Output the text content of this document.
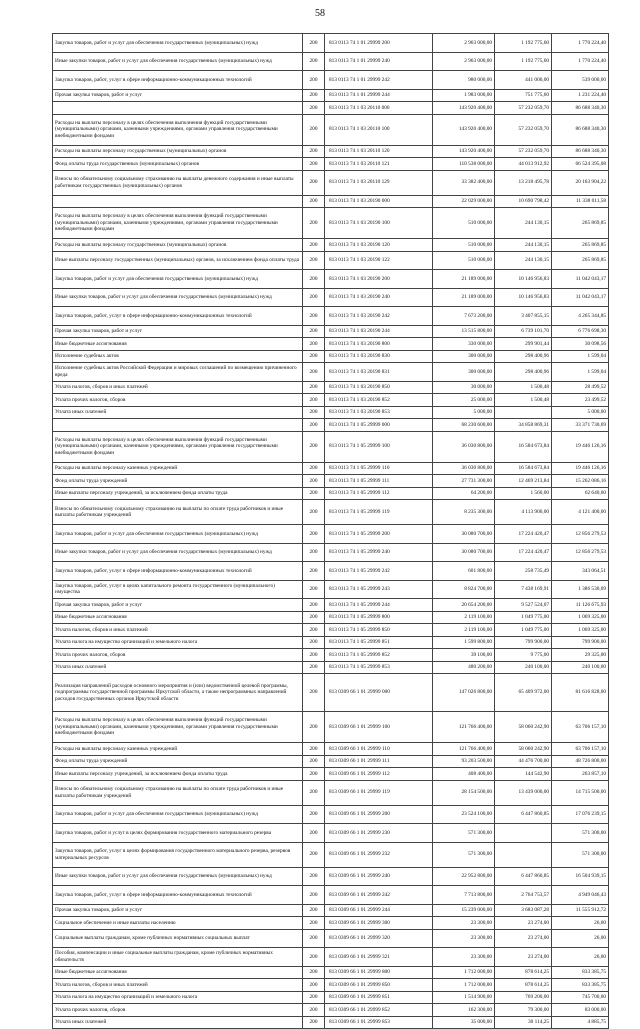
58
Закупка товаров, работ и услуг для обеспечения государственных (муниципальных) нужд	200	813 0113 74 1 01 29999 200	2 963 000,00	1 192 775,60	1 770 224,40
Иные закупки товаров, работ и услуг для обеспечения государственных (муниципальных) нужд	200	813 0113 74 1 01 29999 240	2 963 000,00	1 192 775,60	1 770 224,40
Закупка товаров, работ, услуг в сфере информационно-коммуникационных технологий	200	813 0113 74 1 01 29999 242	980 000,00	441 000,00	539 000,00
Прочая закупка товаров, работ и услуг	200	813 0113 74 1 01 29999 244	1 983 000,00	751 775,60	1 231 224,40
	200	813 0113 74 1 03 20110 000	143 920 400,00	57 232 059,70	86 688 340,30
Расходы на выплаты персоналу в целях обеспечения выполнения функций государственными (муниципальными) органами, казенными учреждениями, органами управления государственными внебюджетными фондами	200	813 0113 74 1 03 20110 100	143 920 400,00	57 232 059,70	86 688 340,30
Расходы на выплаты персоналу государственных (муниципальных) органов	200	813 0113 74 1 03 20110 120	143 920 400,00	57 232 059,70	86 688 340,30
Фонд оплаты труда государственных (муниципальных) органов	200	813 0113 74 1 03 20110 121	110 538 000,00	44 013 912,92	66 524 395,08
Взносы по обязательному социальному страхованию на выплаты денежного содержания и иные выплаты работникам государственных (муниципальных) органов	200	813 0113 74 1 03 20110 129	33 382 400,00	13 218 495,78	20 163 904,22
	200	813 0113 74 1 03 20190 000	22 029 000,00	10 690 798,42	11 338 011,58
Расходы на выплаты персоналу в целях обеспечения выполнения функций государственными (муниципальными) органами, казенными учреждениями, органами управления государственными внебюджетными фондами	200	813 0113 74 1 03 20190 100	510 000,00	244 130,15	265 869,85
Расходы на выплаты персоналу государственных (муниципальных) органов	200	813 0113 74 1 03 20190 120	510 000,00	244 130,15	265 869,85
Иные выплаты персоналу государственных (муниципальных) органов, за исключением фонда оплаты труда	200	813 0113 74 1 03 20190 122	510 000,00	244 130,15	265 869,85
Закупка товаров, работ и услуг для обеспечения государственных (муниципальных) нужд	200	813 0113 74 1 03 20190 200	21 189 000,00	10 146 956,83	11 042 043,17
Иные закупки товаров, работ и услуг для обеспечения государственных (муниципальных) нужд	200	813 0113 74 1 03 20190 240	21 189 000,00	10 146 956,83	11 042 043,17
Закупка товаров, работ, услуг в сфере информационно-коммуникационных технологий	200	813 0113 74 1 03 20190 242	7 673 200,00	3 407 855,15	4 265 344,85
Прочая закупка товаров, работ и услуг	200	813 0113 74 1 03 20190 244	13 515 800,00	6 739 101,70	6 776 698,30
Иные бюджетные ассигнования	200	813 0113 74 1 03 20190 800	330 000,00	299 901,44	30 098,56
Исполнение судебных актов	200	813 0113 74 1 03 20190 830	300 000,00	298 400,96	1 599,04
Исполнение судебных актов Российской Федерации и мировых соглашений по возмещению причиненного вреда	200	813 0113 74 1 03 20190 831	300 000,00	298 400,96	1 599,04
Уплата налогов, сборов и иных платежей	200	813 0113 74 1 03 20190 850	30 000,00	1 500,48	28 499,52
Уплата прочих налогов, сборов	200	813 0113 74 1 03 20190 852	25 000,00	1 500,48	23 499,52
Уплата иных платежей	200	813 0113 74 1 03 20190 853	5 000,00		5 000,00
	200	813 0113 74 1 05 29999 000	68 230 600,00	34 858 869,31	33 371 730,69
Расходы на выплаты персоналу в целях обеспечения выполнения функций государственными (муниципальными) органами, казенными учреждениями, органами управления государственными внебюджетными фондами	200	813 0113 74 1 05 29999 100	36 030 800,00	16 584 673,84	19 446 126,16
Расходы на выплаты персоналу казенных учреждений	200	813 0113 74 1 05 29999 110	36 030 800,00	16 584 673,84	19 446 126,16
Фонд оплаты труда учреждений	200	813 0113 74 1 05 29999 111	27 731 300,00	12 469 213,84	15 262 086,16
Иные выплаты персоналу учреждений, за исключением фонда оплаты труда	200	813 0113 74 1 05 29999 112	64 200,00	1 560,00	62 640,00
Взносы по обязательному социальному страхованию на выплаты по оплате труда работников и иные выплаты работникам учреждений	200	813 0113 74 1 05 29999 119	8 235 300,00	4 113 900,00	4 121 400,00
Закупка товаров, работ и услуг для обеспечения государственных (муниципальных) нужд	200	813 0113 74 1 05 29999 200	30 080 700,00	17 224 420,47	12 856 279,53
Иные закупки товаров, работ и услуг для обеспечения государственных (муниципальных) нужд	200	813 0113 74 1 05 29999 240	30 080 700,00	17 224 420,47	12 856 279,53
Закупка товаров, работ, услуг в сфере информационно-коммуникационных технологий	200	813 0113 74 1 05 29999 242	601 800,00	258 735,49	343 064,51
Закупка товаров, работ, услуг в целях капитального ремонта государственного (муниципального) имущества	200	813 0113 74 1 05 29999 243	8 824 700,00	7 438 169,91	1 386 530,09
Прочая закупка товаров, работ и услуг	200	813 0113 74 1 05 29999 244	20 654 200,00	9 527 524,07	11 126 675,93
Иные бюджетные ассигнования	200	813 0113 74 1 05 29999 800	2 119 100,00	1 049 775,00	1 069 325,00
Уплата налогов, сборов и иных платежей	200	813 0113 74 1 05 29999 850	2 119 100,00	1 049 775,00	1 069 325,00
Уплата налога на имущество организаций и земельного налога	200	813 0113 74 1 05 29999 851	1 599 800,00	799 900,00	799 900,00
Уплата прочих налогов, сборов	200	813 0113 74 1 05 29999 852	39 100,00	9 775,00	29 325,00
Уплата иных платежей	200	813 0113 74 1 05 29999 853	480 200,00	240 100,00	240 100,00
Реализация направлений расходов основного мероприятия и (или) ведомственной целевой программы, подпрограммы государственной программы Иркутской области, а также непрограммных направлений расходов государственных органов Иркутской области	200	813 0309 66 1 01 29999 000	147 026 800,00	65 409 972,00	81 616 828,00
Расходы на выплаты персоналу в целях обеспечения выполнения функций государственными (муниципальными) органами, казенными учреждениями, органами управления государственными внебюджетными фондами	200	813 0309 66 1 01 29999 100	121 766 400,00	58 060 242,90	63 706 157,10
Расходы на выплаты персоналу казенных учреждений	200	813 0309 66 1 01 29999 110	121 766 400,00	58 060 242,90	63 706 157,10
Фонд оплаты труда учреждений	200	813 0309 66 1 01 29999 111	93 203 500,00	44 476 700,00	48 726 800,00
Иные выплаты персоналу учреждений, за исключением фонда оплаты труда	200	813 0309 66 1 01 29999 112	408 400,00	144 542,90	263 857,10
Взносы по обязательному социальному страхованию на выплаты по оплате труда работников и иные выплаты работникам учреждений	200	813 0309 66 1 01 29999 119	28 154 500,00	13 439 000,00	14 715 500,00
Закупка товаров, работ и услуг для обеспечения государственных (муниципальных) нужд	200	813 0309 66 1 01 29999 200	23 524 100,00	6 447 860,85	17 076 239,15
Закупка товаров, работ и услуг в целях формирования государственного материального резерва	200	813 0309 66 1 01 29999 230	571 300,00		571 300,00
Закупка товаров, работ, услуг в целях формирования государственного материального резерва, резервов материальных ресурсов	200	813 0309 66 1 01 29999 232	571 300,00		571 300,00
Иные закупки товаров, работ и услуг для обеспечения государственных (муниципальных) нужд	200	813 0309 66 1 01 29999 240	22 952 800,00	6 447 860,85	16 504 939,15
Закупка товаров, работ, услуг в сфере информационно-коммуникационных технологий	200	813 0309 66 1 01 29999 242	7 713 800,00	2 764 753,57	4 949 046,43
Прочая закупка товаров, работ и услуг	200	813 0309 66 1 01 29999 244	15 239 000,00	3 683 087,28	11 555 912,72
Социальное обеспечение и иные выплаты населению	200	813 0309 66 1 01 29999 300	23 300,00	23 274,00	26,00
Социальные выплаты гражданам, кроме публичных нормативных социальных выплат	200	813 0309 66 1 01 29999 320	23 300,00	23 274,00	26,00
Пособия, компенсации и иные социальные выплаты гражданам, кроме публичных нормативных обязательств	200	813 0309 66 1 01 29999 321	23 300,00	23 274,00	26,00
Иные бюджетные ассигнования	200	813 0309 66 1 01 29999 800	1 712 000,00	878 614,25	833 385,75
Уплата налогов, сборов и иных платежей	200	813 0309 66 1 01 29999 850	1 712 000,00	878 614,25	833 385,75
Уплата налога на имущество организаций и земельного налога	200	813 0309 66 1 01 29999 851	1 514 900,00	769 200,00	745 700,00
Уплата прочих налогов, сборов	200	813 0309 66 1 01 29999 852	162 300,00	79 300,00	83 000,00
Уплата иных платежей	200	813 0309 66 1 01 29999 853	35 000,00	30 114,25	4 885,75
